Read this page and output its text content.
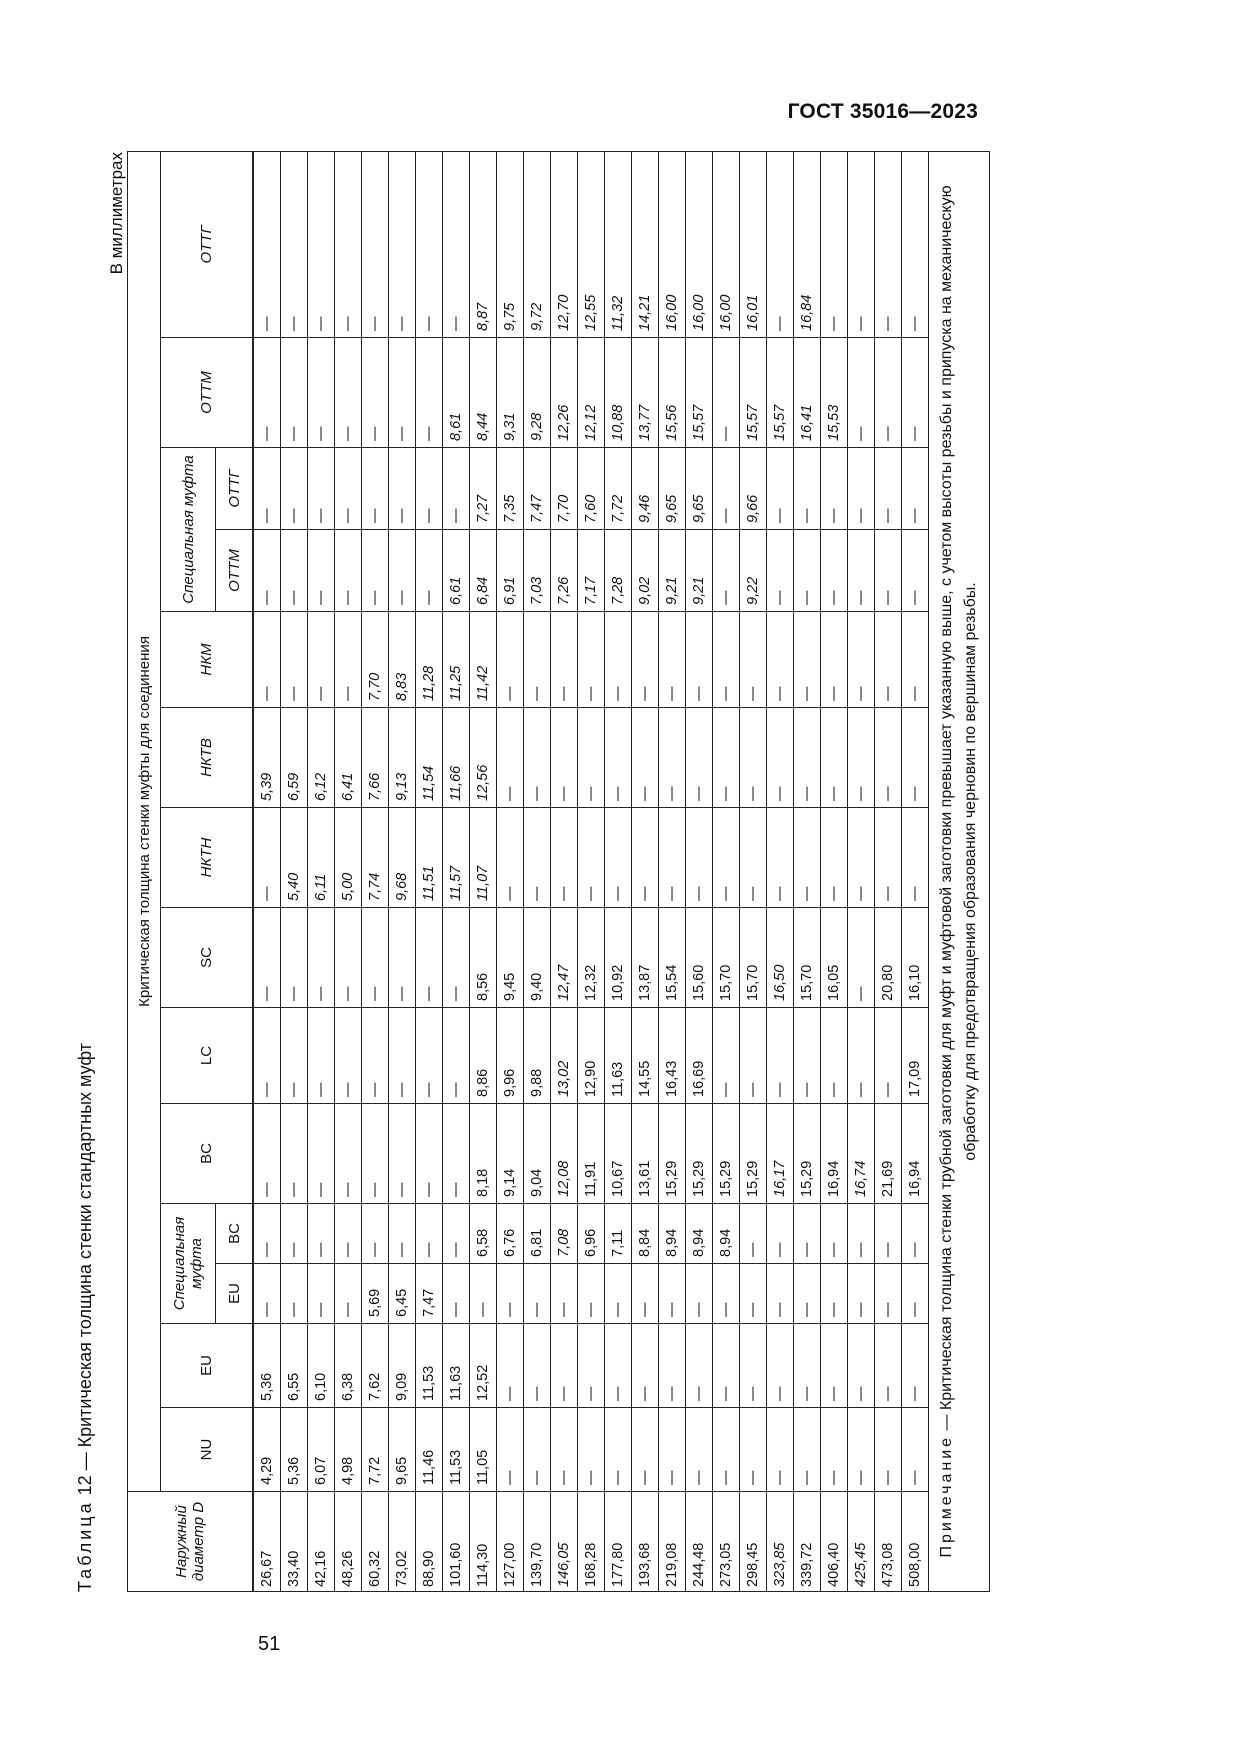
ГОСТ 35016—2023
Таблица 12 — Критическая толщина стенки стандартных муфт
В миллиметрах
Наружный диаметр D	Критическая толщина стенки муфты для соединения													
	NU	EU	Специальная муфта		BC	LC	SC	НКТН	НКТВ	НКМ	Специальная муфта		ОТТМ	ОТТГ
			EU	BC							ОТТМ	ОТТГ		
26,67	4,29	5,36	—	—	—	—	—	—	5,39	—	—	—	—	—
33,40	5,36	6,55	—	—	—	—	—	5,40	6,59	—	—	—	—	—
42,16	6,07	6,10	—	—	—	—	—	6,11	6,12	—	—	—	—	—
48,26	4,98	6,38	—	—	—	—	—	5,00	6,41	—	—	—	—	—
60,32	7,72	7,62	5,69	—	—	—	—	7,74	7,66	7,70	—	—	—	—
73,02	9,65	9,09	6,45	—	—	—	—	9,68	9,13	8,83	—	—	—	—
88,90	11,46	11,53	7,47	—	—	—	—	11,51	11,54	11,28	—	—	—	—
101,60	11,53	11,63	—	—	—	—	—	11,57	11,66	11,25	6,61	—	8,61	—
114,30	11,05	12,52	—	6,58	8,18	8,86	8,56	11,07	12,56	11,42	6,84	7,27	8,44	8,87
127,00	—	—	—	6,76	9,14	9,96	9,45	—	—	—	6,91	7,35	9,31	9,75
139,70	—	—	—	6,81	9,04	9,88	9,40	—	—	—	7,03	7,47	9,28	9,72
146,05	—	—	—	7,08	12,08	13,02	12,47	—	—	—	7,26	7,70	12,26	12,70
168,28	—	—	—	6,96	11,91	12,90	12,32	—	—	—	7,17	7,60	12,12	12,55
177,80	—	—	—	7,11	10,67	11,63	10,92	—	—	—	7,28	7,72	10,88	11,32
193,68	—	—	—	8,84	13,61	14,55	13,87	—	—	—	9,02	9,46	13,77	14,21
219,08	—	—	—	8,94	15,29	16,43	15,54	—	—	—	9,21	9,65	15,56	16,00
244,48	—	—	—	8,94	15,29	16,69	15,60	—	—	—	9,21	9,65	15,57	16,00
273,05	—	—	—	8,94	15,29	—	15,70	—	—	—	—	—	—	16,00
298,45	—	—	—	—	15,29	—	15,70	—	—	—	9,22	9,66	15,57	16,01
323,85	—	—	—	—	16,17	—	16,50	—	—	—	—	—	15,57	—
339,72	—	—	—	—	15,29	—	15,70	—	—	—	—	—	16,41	16,84
406,40	—	—	—	—	16,94	—	16,05	—	—	—	—	—	15,53	—
425,45	—	—	—	—	16,74	—	—	—	—	—	—	—	—	—
473,08	—	—	—	—	21,69	—	20,80	—	—	—	—	—	—	—
508,00	—	—	—	—	16,94	17,09	16,10	—	—	—	—	—	—	—
Примечание — Критическая толщина стенки трубной заготовки для муфт и муфтовой заготовки превышает указанную выше, с учетом высоты резьбы и припуска на механическую обработку для предотвращения образования черновин по вершинам резьбы.														
51
